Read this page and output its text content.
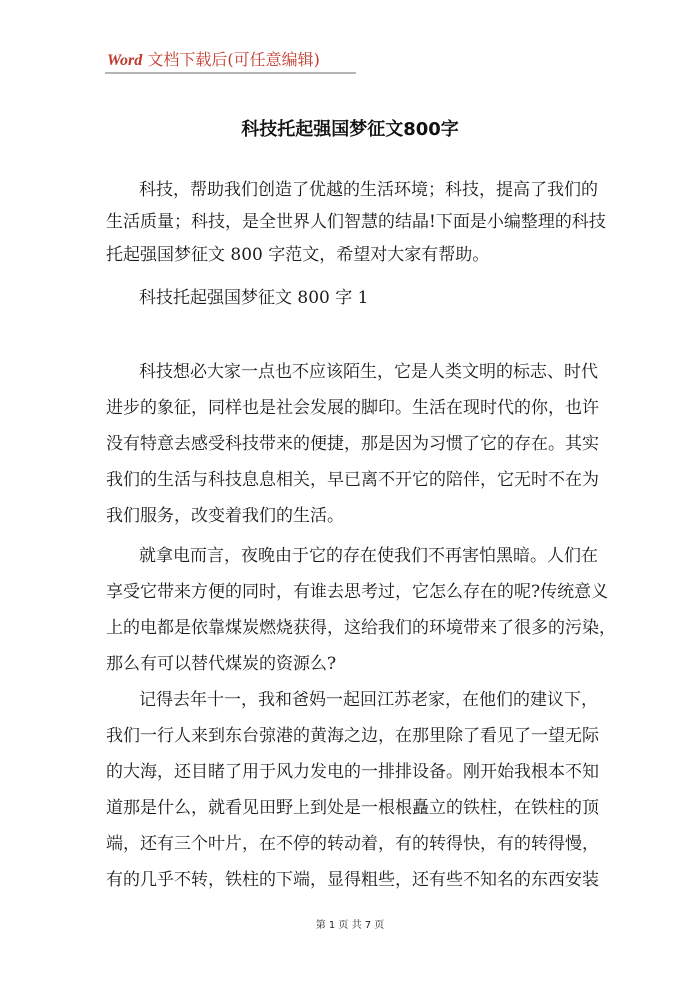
Word 文档下载后(可任意编辑)
科技托起强国梦征文800字
科技，帮助我们创造了优越的生活环境；科技，提高了我们的
生活质量；科技，是全世界人们智慧的结晶!下面是小编整理的科技
托起强国梦征文 800 字范文，希望对大家有帮助。
科技托起强国梦征文 800 字 1
科技想必大家一点也不应该陌生，它是人类文明的标志、时代
进步的象征，同样也是社会发展的脚印。生活在现时代的你，也许
没有特意去感受科技带来的便捷，那是因为习惯了它的存在。其实
我们的生活与科技息息相关，早已离不开它的陪伴，它无时不在为
我们服务，改变着我们的生活。
就拿电而言，夜晚由于它的存在使我们不再害怕黑暗。人们在
享受它带来方便的同时，有谁去思考过，它怎么存在的呢?传统意义
上的电都是依靠煤炭燃烧获得，这给我们的环境带来了很多的污染，
那么有可以替代煤炭的资源么?
记得去年十一，我和爸妈一起回江苏老家，在他们的建议下，
我们一行人来到东台弶港的黄海之边，在那里除了看见了一望无际
的大海，还目睹了用于风力发电的一排排设备。刚开始我根本不知
道那是什么，就看见田野上到处是一根根矗立的铁柱，在铁柱的顶
端，还有三个叶片，在不停的转动着，有的转得快，有的转得慢，
有的几乎不转，铁柱的下端，显得粗些，还有些不知名的东西安装
第 1 页 共 7 页
